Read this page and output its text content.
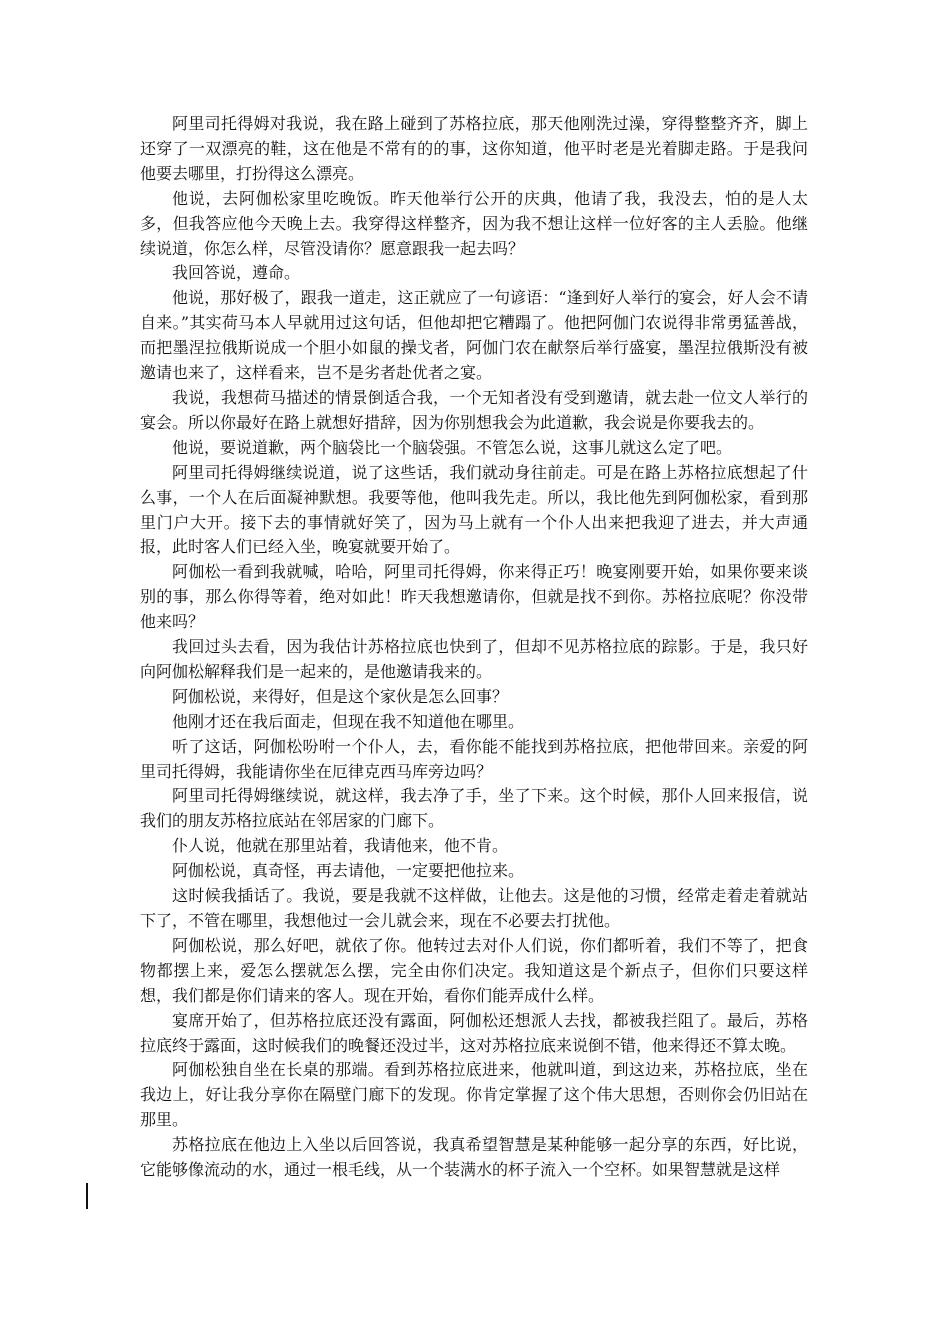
阿里司托得姆对我说，我在路上碰到了苏格拉底，那天他刚洗过澡，穿得整整齐齐，脚上还穿了一双漂亮的鞋，这在他是不常有的的事，这你知道，他平时老是光着脚走路。于是我问他要去哪里，打扮得这么漂亮。

他说，去阿伽松家里吃晚饭。昨天他举行公开的庆典，他请了我，我没去，怕的是人太多，但我答应他今天晚上去。我穿得这样整齐，因为我不想让这样一位好客的主人丢脸。他继续说道，你怎么样，尽管没请你？愿意跟我一起去吗？

我回答说，遵命。

他说，那好极了，跟我一道走，这正就应了一句谚语：“逢到好人举行的宴会，好人会不请自来。”其实荷马本人早就用过这句话，但他却把它糟蹋了。他把阿伽门农说得非常勇猛善战，而把墨涅拉俄斯说成一个胆小如鼠的操戈者，阿伽门农在献祭后举行盛宴，墨涅拉俄斯没有被邀请也来了，这样看来，岂不是劣者赴优者之宴。

我说，我想荷马描述的情景倒适合我，一个无知者没有受到邀请，就去赴一位文人举行的宴会。所以你最好在路上就想好措辞，因为你别想我会为此道歉，我会说是你要我去的。

他说，要说道歉，两个脑袋比一个脑袋强。不管怎么说，这事儿就这么定了吧。

阿里司托得姆继续说道，说了这些话，我们就动身往前走。可是在路上苏格拉底想起了什么事，一个人在后面凝神默想。我要等他，他叫我先走。所以，我比他先到阿伽松家，看到那里门户大开。接下去的事情就好笑了，因为马上就有一个仆人出来把我迎了进去，并大声通报，此时客人们已经入坐，晚宴就要开始了。

阿伽松一看到我就喊，哈哈，阿里司托得姆，你来得正巧！晚宴刚要开始，如果你要来谈别的事，那么你得等着，绝对如此！昨天我想邀请你，但就是找不到你。苏格拉底呢？你没带他来吗？

我回过头去看，因为我估计苏格拉底也快到了，但却不见苏格拉底的踪影。于是，我只好向阿伽松解释我们是一起来的，是他邀请我来的。

阿伽松说，来得好，但是这个家伙是怎么回事？

他刚才还在我后面走，但现在我不知道他在哪里。

听了这话，阿伽松吩咐一个仆人，去，看你能不能找到苏格拉底，把他带回来。亲爱的阿里司托得姆，我能请你坐在厄律克西马库旁边吗？

阿里司托得姆继续说，就这样，我去净了手，坐了下来。这个时候，那仆人回来报信，说我们的朋友苏格拉底站在邻居家的门廊下。

仆人说，他就在那里站着，我请他来，他不肯。

阿伽松说，真奇怪，再去请他，一定要把他拉来。

这时候我插话了。我说，要是我就不这样做，让他去。这是他的习惯，经常走着走着就站下了，不管在哪里，我想他过一会儿就会来，现在不必要去打扰他。

阿伽松说，那么好吧，就依了你。他转过去对仆人们说，你们都听着，我们不等了，把食物都摆上来，爱怎么摆就怎么摆，完全由你们决定。我知道这是个新点子，但你们只要这样想，我们都是你们请来的客人。现在开始，看你们能弄成什么样。

宴席开始了，但苏格拉底还没有露面，阿伽松还想派人去找，都被我拦阻了。最后，苏格拉底终于露面，这时候我们的晚餐还没过半，这对苏格拉底来说倒不错，他来得还不算太晚。

阿伽松独自坐在长桌的那端。看到苏格拉底进来，他就叫道，到这边来，苏格拉底，坐在我边上，好让我分享你在隔壁门廊下的发现。你肯定掌握了这个伟大思想，否则你会仍旧站在那里。

苏格拉底在他边上入坐以后回答说，我真希望智慧是某种能够一起分享的东西，好比说，它能够像流动的水，通过一根毛线，从一个装满水的杯子流入一个空杯。如果智慧就是这样
